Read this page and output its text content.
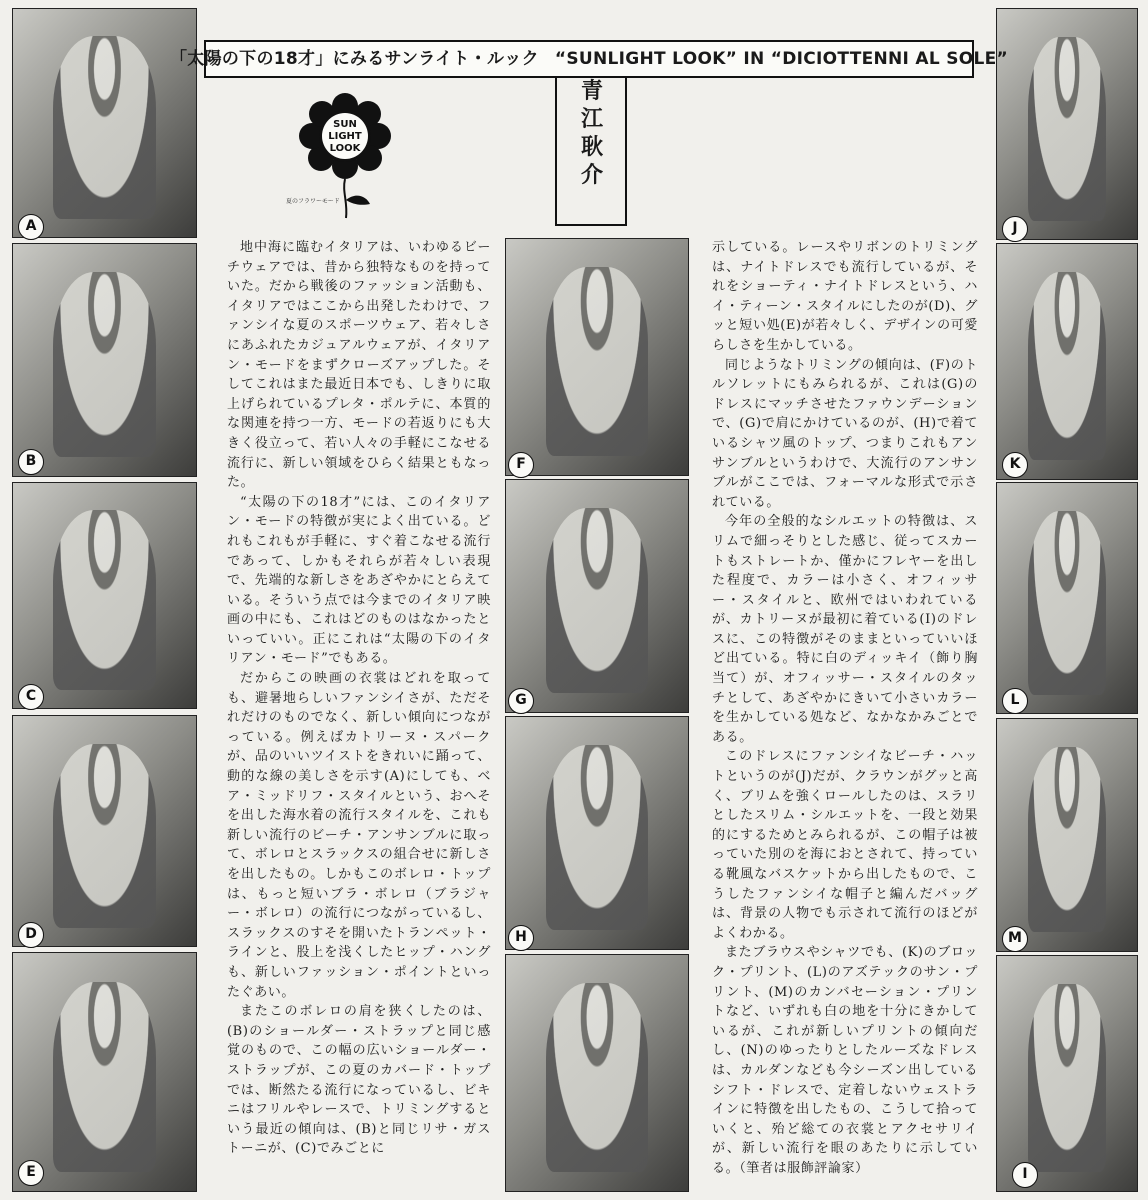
A
B
C
D
E
F
G
H
I
J
K
L
M
「太陽の下の18才」にみるサンライト・ルック “SUNLIGHT LOOK” IN “DICIOTTENNI AL SOLE”
青
江
耿
介
SUN
LIGHT
LOOK
夏のフラワーモード

地中海に臨むイタリアは、いわゆるビーチウェアでは、昔から独特なものを持っていた。だから戦後のファッション活動も、イタリアではここから出発したわけで、ファンシイな夏のスポーツウェア、若々しさにあふれたカジュアルウェアが、イタリアン・モードをまずクローズアップした。そしてこれはまた最近日本でも、しきりに取上げられているプレタ・ポルテに、本質的な関連を持つ一方、モードの若返りにも大きく役立って、若い人々の手軽にこなせる流行に、新しい領域をひらく結果ともなった。

“太陽の下の18才”には、このイタリアン・モードの特徴が実によく出ている。どれもこれもが手軽に、すぐ着こなせる流行であって、しかもそれらが若々しい表現で、先端的な新しさをあざやかにとらえている。そういう点では今までのイタリア映画の中にも、これはどのものはなかったといっていい。正にこれは“太陽の下のイタリアン・モード”でもある。

だからこの映画の衣裳はどれを取っても、避暑地らしいファンシイさが、ただそれだけのものでなく、新しい傾向につながっている。例えばカトリーヌ・スパークが、品のいいツイストをきれいに踊って、動的な線の美しさを示す(A)にしても、ベア・ミッドリフ・スタイルという、おへそを出した海水着の流行スタイルを、これも新しい流行のビーチ・アンサンブルに取って、ボレロとスラックスの組合せに新しさを出したもの。しかもこのボレロ・トップは、もっと短いブラ・ボレロ（ブラジャー・ボレロ）の流行につながっているし、スラックスのすそを開いたトランペット・ラインと、股上を浅くしたヒップ・ハングも、新しいファッション・ポイントといったぐあい。

またこのボレロの肩を狭くしたのは、(B)のショールダー・ストラップと同じ感覚のもので、この幅の広いショールダー・ストラップが、この夏のカバード・トップでは、断然たる流行になっているし、ビキニはフリルやレースで、トリミングするという最近の傾向は、(B)と同じリサ・ガストーニが、(C)でみごとに

示している。レースやリボンのトリミングは、ナイトドレスでも流行しているが、それをショーティ・ナイトドレスという、ハイ・ティーン・スタイルにしたのが(D)、グッと短い処(E)が若々しく、デザインの可愛らしさを生かしている。

同じようなトリミングの傾向は、(F)のトルソレットにもみられるが、これは(G)のドレスにマッチさせたファウンデーションで、(G)で肩にかけているのが、(H)で着ているシャツ風のトップ、つまりこれもアンサンブルというわけで、大流行のアンサンブルがここでは、フォーマルな形式で示されている。

今年の全般的なシルエットの特徴は、スリムで細っそりとした感じ、従ってスカートもストレートか、僅かにフレヤーを出した程度で、カラーは小さく、オフィッサー・スタイルと、欧州ではいわれているが、カトリーヌが最初に着ている(I)のドレスに、この特徴がそのままといっていいほど出ている。特に白のディッキイ（飾り胸当て）が、オフィッサー・スタイルのタッチとして、あざやかにきいて小さいカラーを生かしている処など、なかなかみごとである。

このドレスにファンシイなビーチ・ハットというのが(J)だが、クラウンがグッと高く、ブリムを強くロールしたのは、スラリとしたスリム・シルエットを、一段と効果的にするためとみられるが、この帽子は被っていた別のを海におとされて、持っている靴風なバスケットから出したもので、こうしたファンシイな帽子と編んだバッグは、背景の人物でも示されて流行のほどがよくわかる。

またブラウスやシャツでも、(K)のブロック・プリント、(L)のアズテックのサン・プリント、(M)のカンバセーション・プリントなど、いずれも白の地を十分にきかしているが、これが新しいプリントの傾向だし、(N)のゆったりとしたルーズなドレスは、カルダンなども今シーズン出しているシフト・ドレスで、定着しないウェストラインに特徴を出したもの、こうして拾っていくと、殆ど総ての衣裳とアクセサリイが、新しい流行を眼のあたりに示している。（筆者は服飾評論家）
